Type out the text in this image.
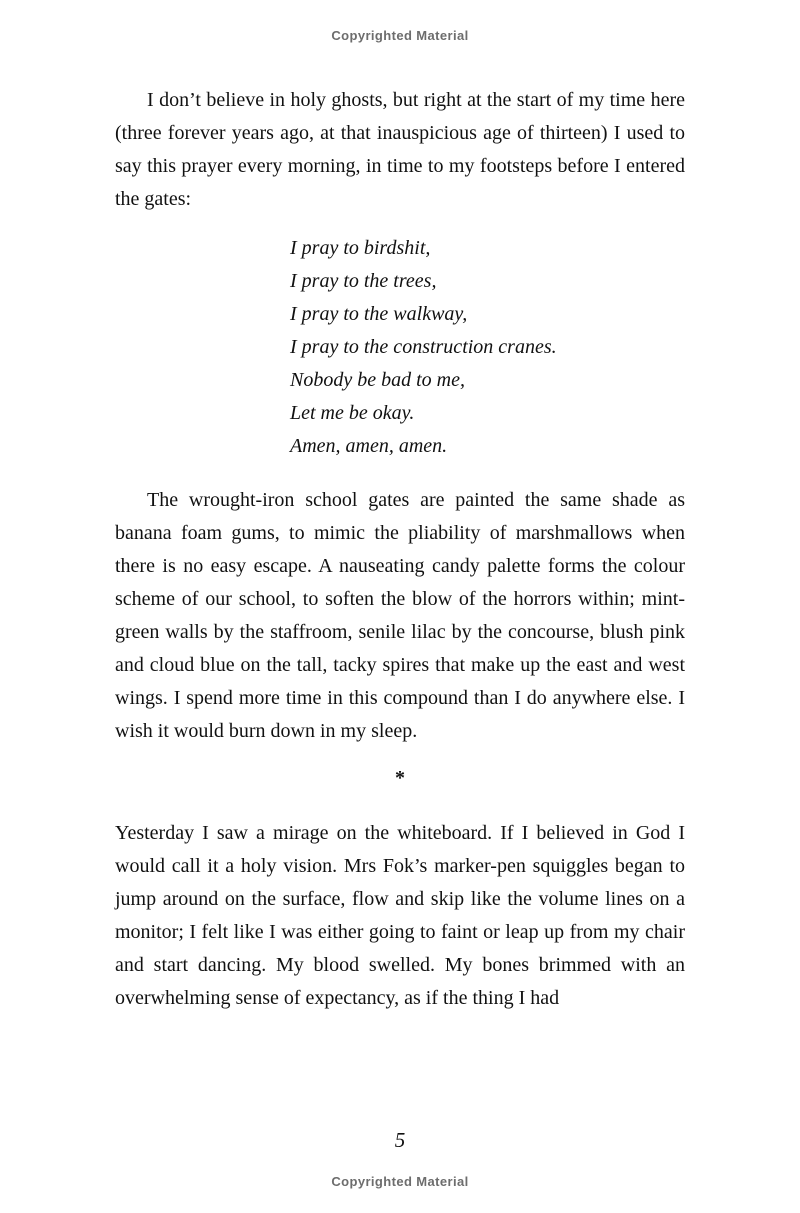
Copyrighted Material

I don’t believe in holy ghosts, but right at the start of my time here (three forever years ago, at that inauspicious age of thirteen) I used to say this prayer every morning, in time to my footsteps before I entered the gates:

I pray to birdshit,
I pray to the trees,
I pray to the walkway,
I pray to the construction cranes.
Nobody be bad to me,
Let me be okay.
Amen, amen, amen.

The wrought-iron school gates are painted the same shade as banana foam gums, to mimic the pliability of marshmallows when there is no easy escape. A nauseating candy palette forms the colour scheme of our school, to soften the blow of the horrors within; mint-green walls by the staffroom, senile lilac by the concourse, blush pink and cloud blue on the tall, tacky spires that make up the east and west wings. I spend more time in this compound than I do anywhere else. I wish it would burn down in my sleep.

*

Yesterday I saw a mirage on the whiteboard. If I believed in God I would call it a holy vision. Mrs Fok’s marker-pen squiggles began to jump around on the surface, flow and skip like the volume lines on a monitor; I felt like I was either going to faint or leap up from my chair and start dancing. My blood swelled. My bones brimmed with an overwhelming sense of expectancy, as if the thing I had

5
Copyrighted Material
